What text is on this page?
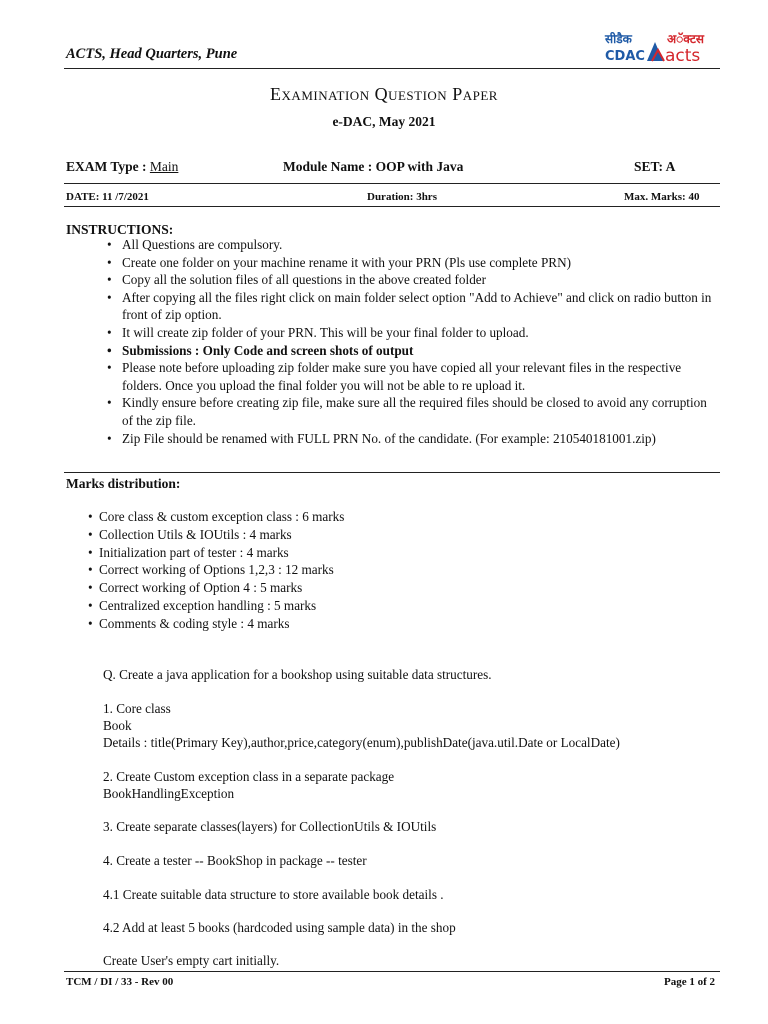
ACTS, Head Quarters, Pune
सीडैक
CDAC
अॅक्टस
acts
Examination Question Paper
e-DAC, May 2021
EXAM Type : Main	Module Name : OOP with Java	SET: A
DATE: 11 /7/2021	Duration: 3hrs	Max. Marks: 40
INSTRUCTIONS:
• All Questions are compulsory.
• Create one folder on your machine rename it with your PRN (Pls use complete PRN)
• Copy all the solution files of all questions in the above created folder
• After copying all the files right click on main folder select option "Add to Achieve" and click on radio button in front of zip option.
• It will create zip folder of your PRN. This will be your final folder to upload.
• Submissions : Only Code and screen shots of output
• Please note before uploading zip folder make sure you have copied all your relevant files in the respective folders. Once you upload the final folder you will not be able to re upload it.
• Kindly ensure before creating zip file, make sure all the required files should be closed to avoid any corruption of the zip file.
• Zip File should be renamed with FULL PRN No. of the candidate. (For example: 210540181001.zip)
Marks distribution:
• Core class & custom exception class : 6 marks
• Collection Utils & IOUtils : 4 marks
• Initialization part of tester : 4 marks
• Correct working of Options 1,2,3 : 12 marks
• Correct working of Option 4 : 5 marks
• Centralized exception handling : 5 marks
• Comments & coding style : 4 marks
Q. Create a java application for a bookshop using suitable data structures.
1. Core class
Book
Details : title(Primary Key),author,price,category(enum),publishDate(java.util.Date or LocalDate)
2. Create Custom exception class in a separate package
BookHandlingException
3. Create separate classes(layers) for CollectionUtils & IOUtils
4. Create a tester -- BookShop in package -- tester
4.1 Create suitable data structure to store available book details .
4.2 Add at least 5 books (hardcoded using sample data) in the shop
Create User's empty cart initially.
TCM / DI / 33 - Rev 00	Page 1 of 2
